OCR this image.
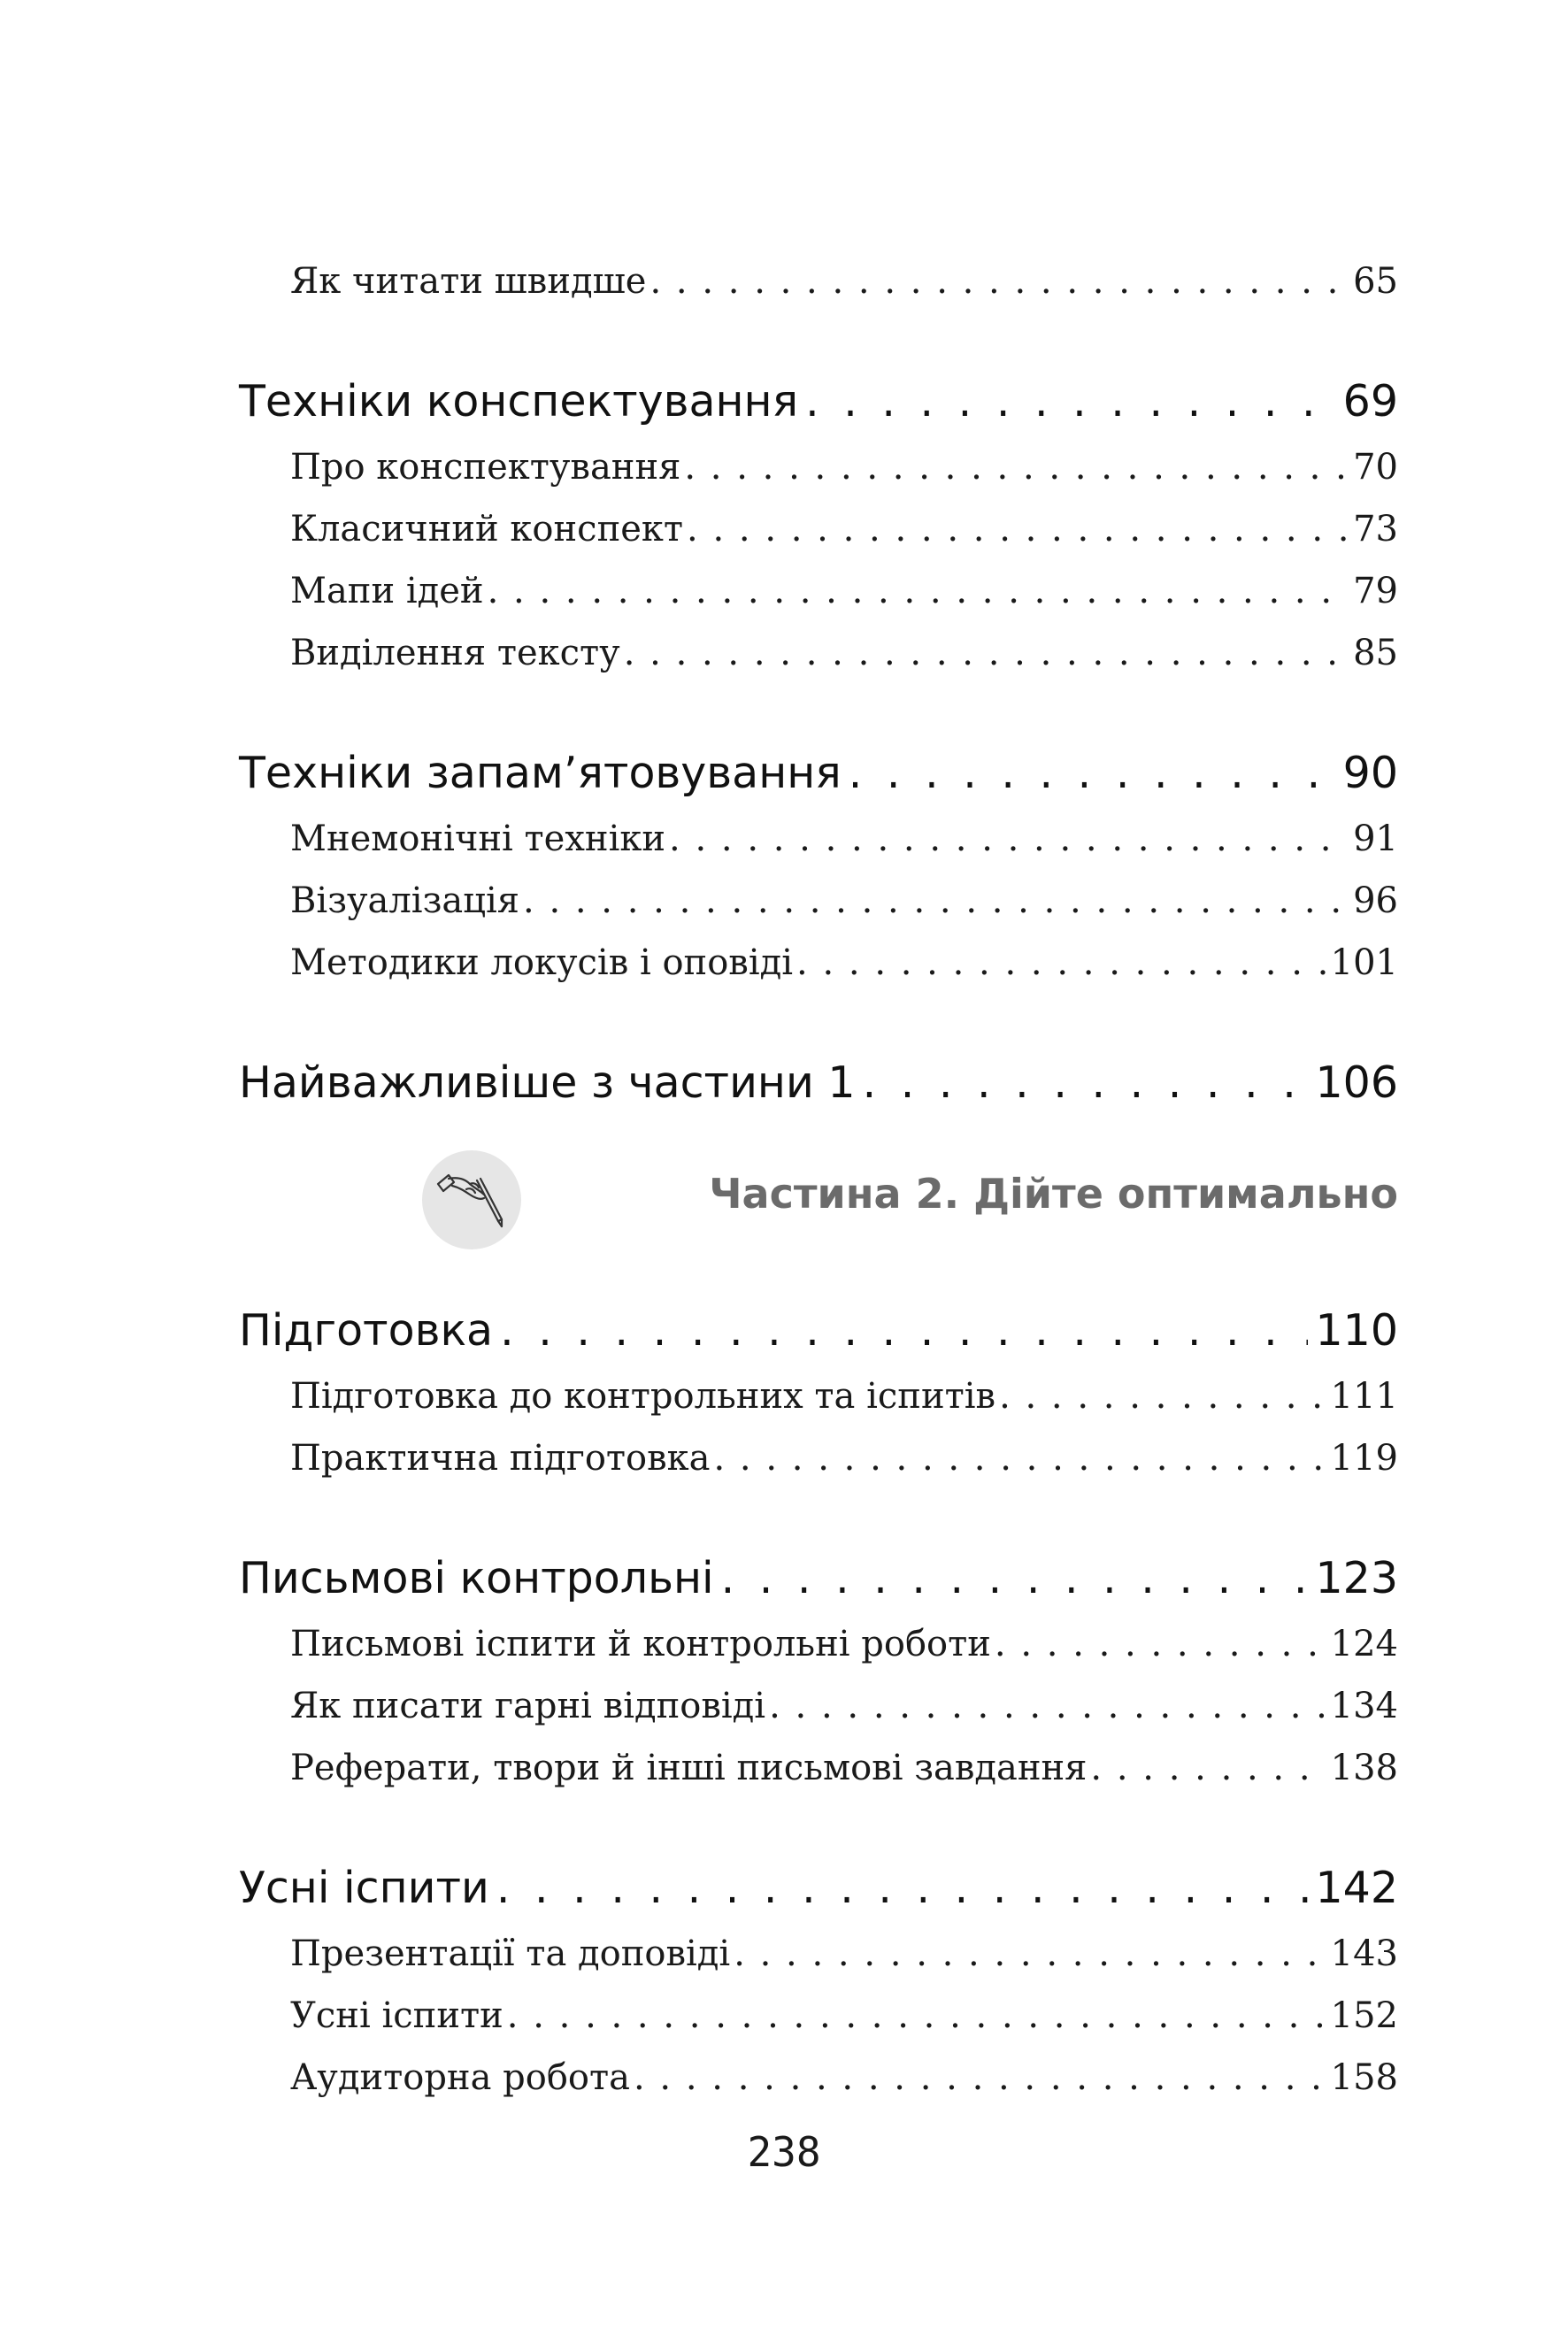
Як читати швидше . . .	65
Техніки конспектування . . .	69
Про конспектування . . .	70
Класичний конспект . . .	73
Мапи ідей . . .	79
Виділення тексту . . .	85
Техніки запам’ятовування . . .	90
Мнемонічні техніки . . .	91
Візуалізація . . .	96
Методики локусів і оповіді . . .	101
Найважливіше з частини 1 . . .	106
Підготовка . . .	110
Підготовка до контрольних та іспитів . . .	111
Практична підготовка . . .	119
Письмові контрольні . . .	123
Письмові іспити й контрольні роботи . . .	124
Як писати гарні відповіді . . .	134
Реферати, твори й інші письмові завдання . . .	138
Усні іспити . . .	142
Презентації та доповіді . . .	143
Усні іспити . . .	152
Аудиторна робота . . .	158
Частина 2. Дійте оптимально
238
